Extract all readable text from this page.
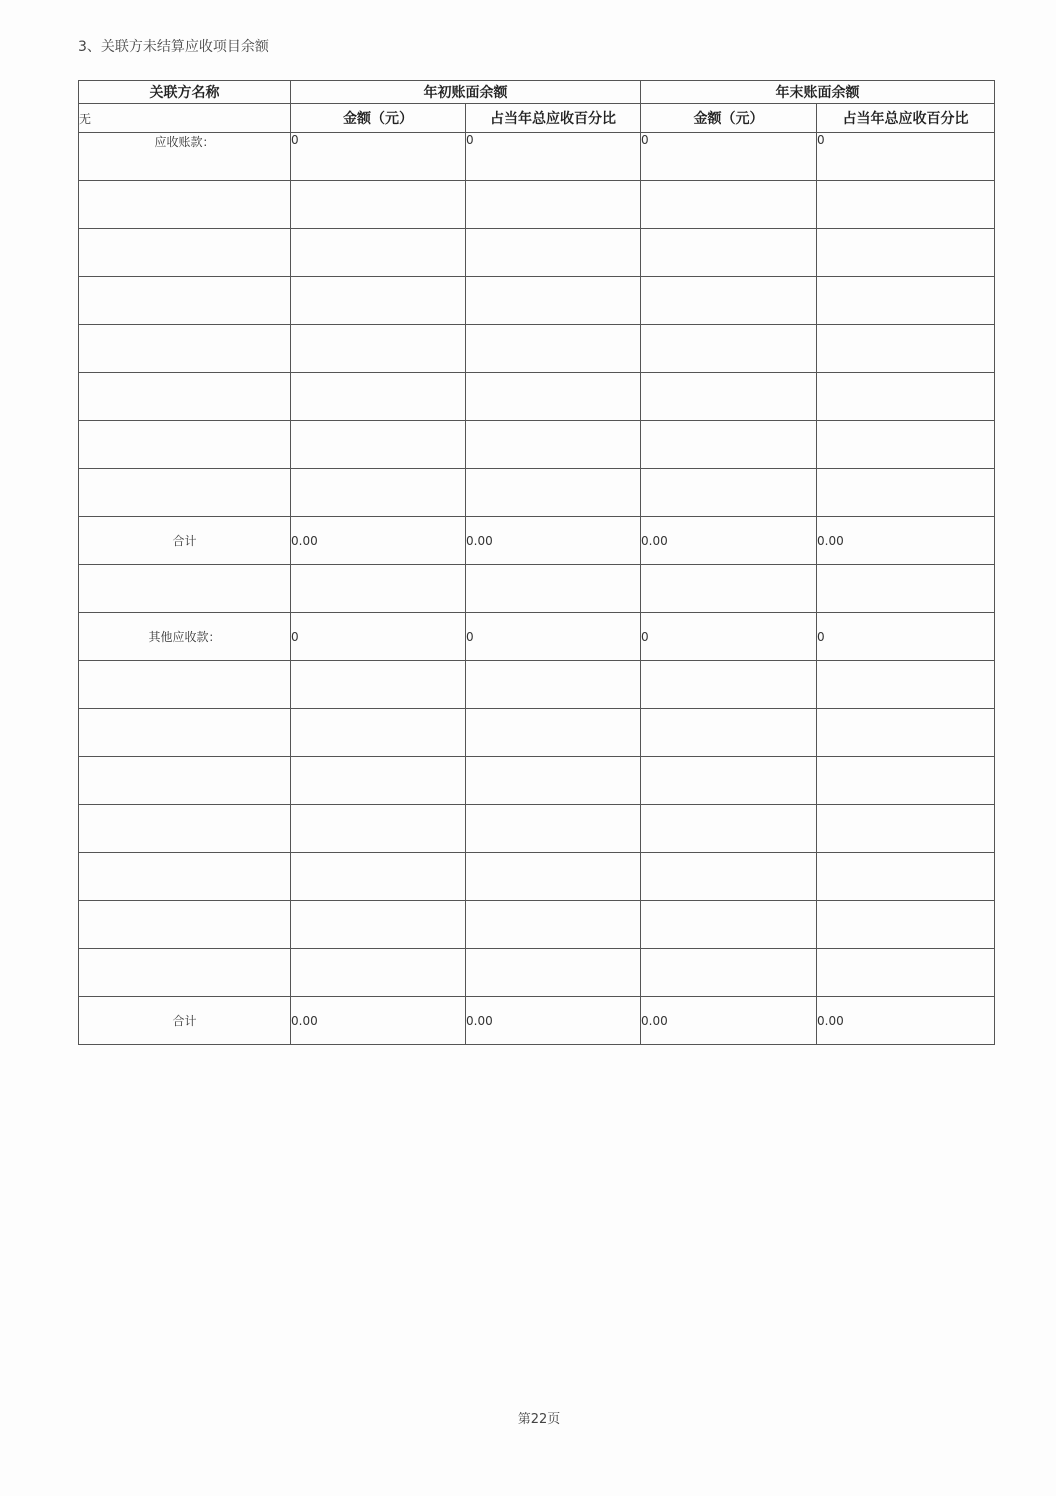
3、关联方未结算应收项目余额
关联方名称	年初账面余额		年末账面余额	
无	金额（元）	占当年总应收百分比	金额（元）	占当年总应收百分比
应收账款：	0	0	0	0

合计	0.00	0.00	0.00	0.00

其他应收款：	0	0	0	0

合计	0.00	0.00	0.00	0.00
第22页
